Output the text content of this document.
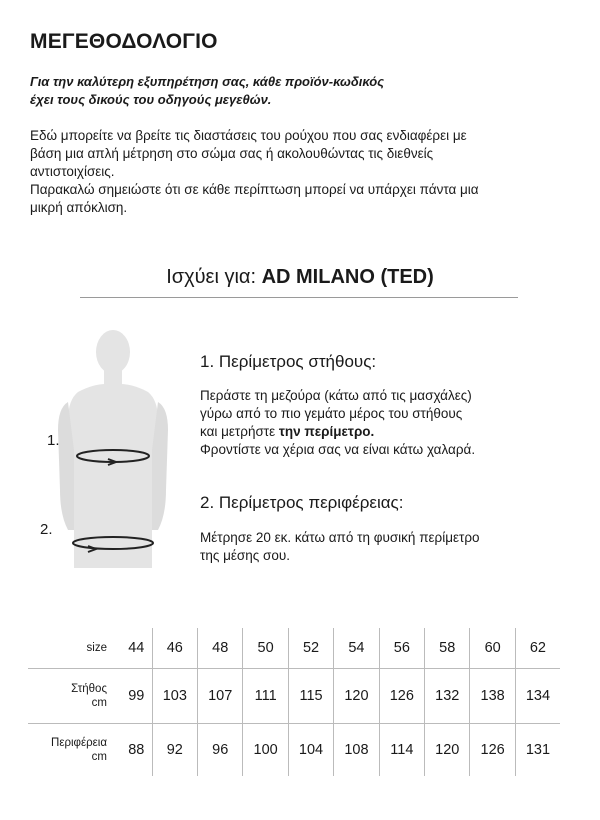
ΜΕΓΕΘΟΔΟΛΟΓΙΟ
Για την καλύτερη εξυπηρέτηση σας, κάθε προϊόν-κωδικός
έχει τους δικούς του οδηγούς μεγεθών.
Εδώ μπορείτε να βρείτε τις διαστάσεις του ρούχου που σας ενδιαφέρει με
βάση μια απλή μέτρηση στο σώμα σας ή ακολουθώντας τις διεθνείς
αντιστοιχίσεις.
Παρακαλώ σημειώστε ότι σε κάθε περίπτωση μπορεί να υπάρχει πάντα μια
μικρή απόκλιση.
Ισχύει για: AD MILANO (TED)
1.
2.
1. Περίμετρος στήθους:
Περάστε τη μεζούρα (κάτω από τις μασχάλες)
γύρω από το πιο γεμάτο μέρος του στήθους
και μετρήστε την περίμετρο.
Φροντίστε να χέρια σας να είναι κάτω χαλαρά.
2. Περίμετρος περιφέρειας:
Μέτρησε 20 εκ. κάτω από τη φυσική περίμετρο
της μέσης σου.
size	44	46	48	50	52	54	56	58	60	62

Στήθος
cm	99	103	107	111	115	120	126	132	138	134

Περιφέρεια
cm	88	92	96	100	104	108	114	120	126	131
